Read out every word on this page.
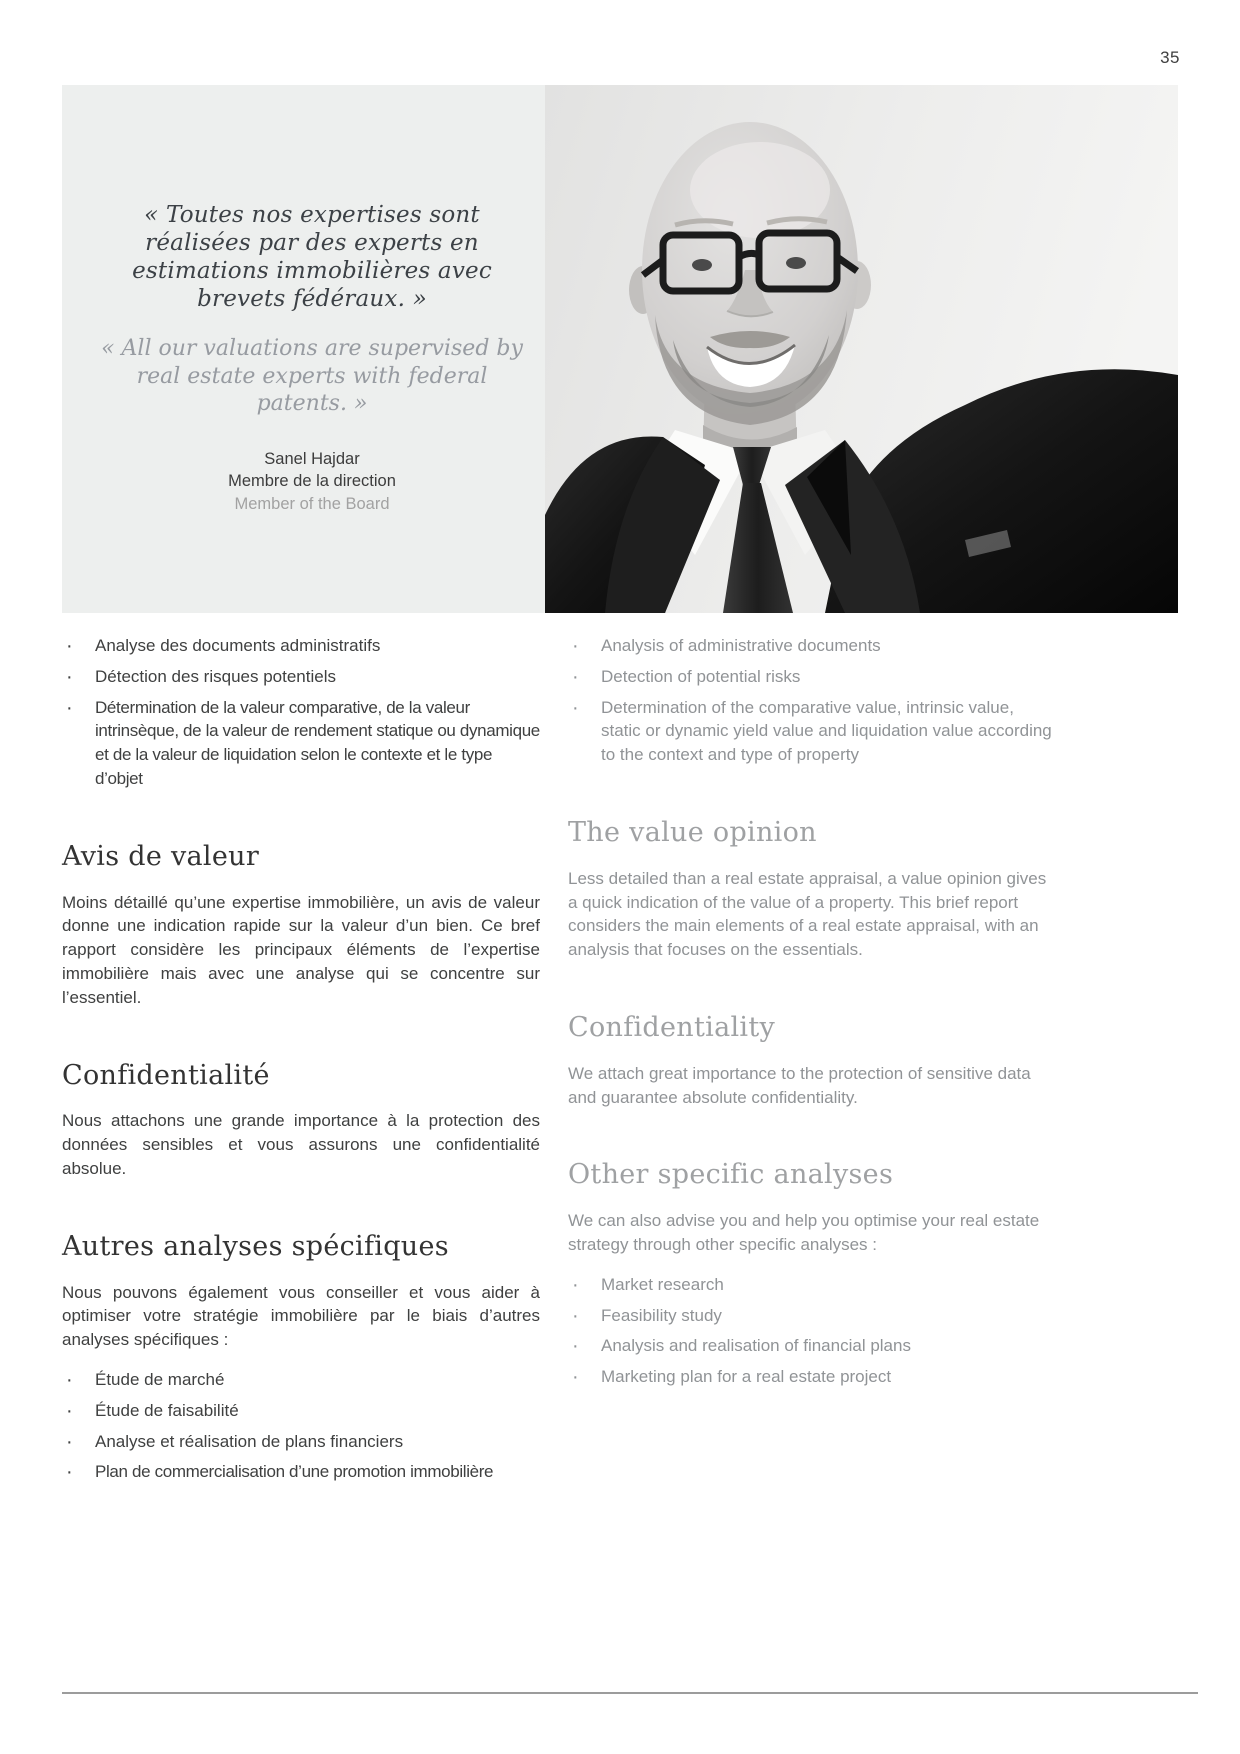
35

« Toutes nos expertises sont réalisées par des experts en estimations immobilières avec brevets fédéraux. »

« All our valuations are supervised by real estate experts with federal patents. »

Sanel Hajdar
Membre de la direction
Member of the Board
· Analyse des documents administratifs
· Détection des risques potentiels
· Détermination de la valeur comparative, de la valeur intrinsèque, de la valeur de rendement statique ou dynamique et de la valeur de liquidation selon le contexte et le type d’objet
Avis de valeur

Moins détaillé qu’une expertise immobilière, un avis de valeur donne une indication rapide sur la valeur d’un bien. Ce bref rapport considère les principaux éléments de l’expertise immobilière mais avec une analyse qui se concentre sur l’essentiel.

Confidentialité

Nous attachons une grande importance à la protection des données sensibles et vous assurons une confidentialité absolue.

Autres analyses spécifiques

Nous pouvons également vous conseiller et vous aider à optimiser votre stratégie immobilière par le biais d’autres analyses spécifiques :

· Étude de marché
· Étude de faisabilité
· Analyse et réalisation de plans financiers
· Plan de commercialisation d’une promotion immobilière
· Analysis of administrative documents
· Detection of potential risks
· Determination of the comparative value, intrinsic value, static or dynamic yield value and liquidation value according to the context and type of property
The value opinion

Less detailed than a real estate appraisal, a value opinion gives a quick indication of the value of a property. This brief report considers the main elements of a real estate appraisal, with an analysis that focuses on the essentials.

Confidentiality

We attach great importance to the protection of sensitive data and guarantee absolute confidentiality.

Other specific analyses

We can also advise you and help you optimise your real estate strategy through other specific analyses :

· Market research
· Feasibility study
· Analysis and realisation of financial plans
· Marketing plan for a real estate project
